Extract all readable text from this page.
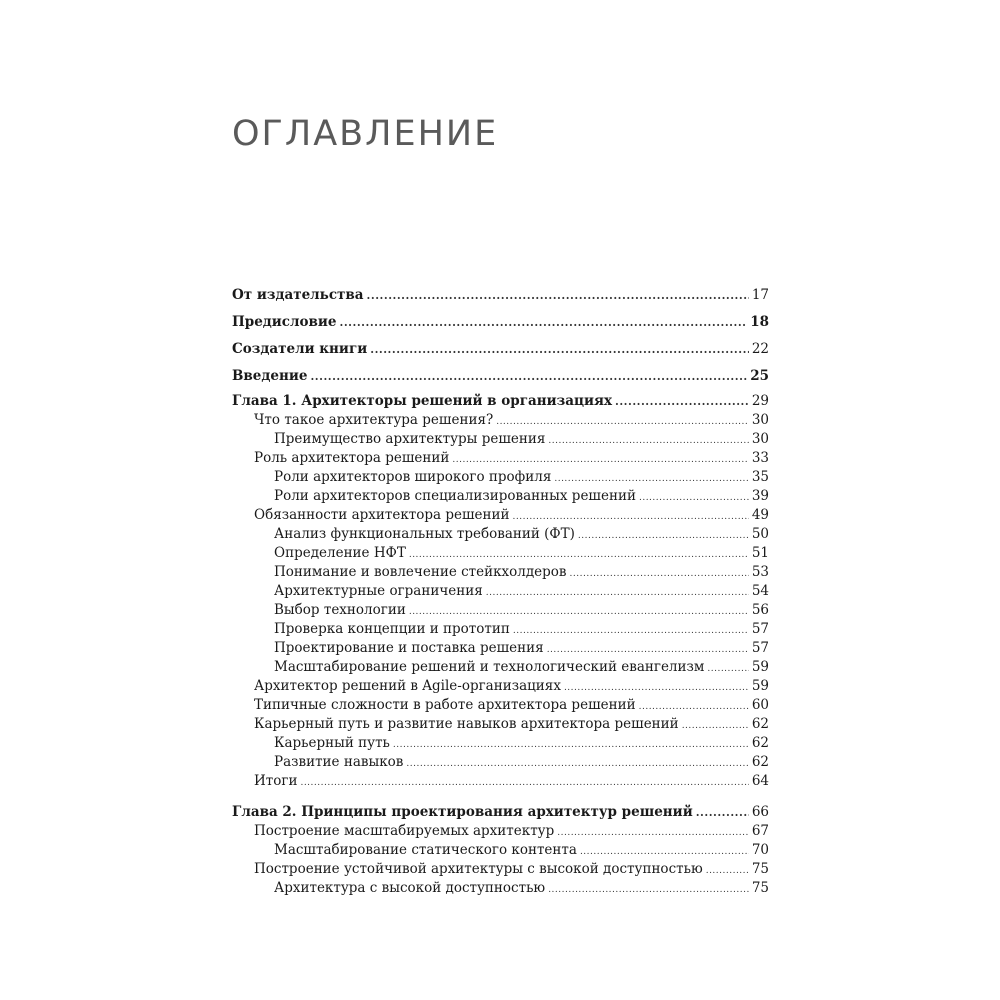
ОГЛАВЛЕНИЕ
От издательства .....	17
Предисловие .....	18
Создатели книги .....	22
Введение .....	25
Глава 1. Архитекторы решений в организациях .....	29
Что такое архитектура решения? .....	30
Преимущество архитектуры решения .....	30
Роль архитектора решений .....	33
Роли архитекторов широкого профиля .....	35
Роли архитекторов специализированных решений .....	39
Обязанности архитектора решений .....	49
Анализ функциональных требований (ФТ) .....	50
Определение НФТ .....	51
Понимание и вовлечение стейкхолдеров .....	53
Архитектурные ограничения .....	54
Выбор технологии .....	56
Проверка концепции и прототип .....	57
Проектирование и поставка решения .....	57
Масштабирование решений и технологический евангелизм .....	59
Архитектор решений в Agile-организациях .....	59
Типичные сложности в работе архитектора решений .....	60
Карьерный путь и развитие навыков архитектора решений .....	62
Карьерный путь .....	62
Развитие навыков .....	62
Итоги .....	64
Глава 2. Принципы проектирования архитектур решений .....	66
Построение масштабируемых архитектур .....	67
Масштабирование статического контента .....	70
Построение устойчивой архитектуры с высокой доступностью .....	75
Архитектура с высокой доступностью .....	75
